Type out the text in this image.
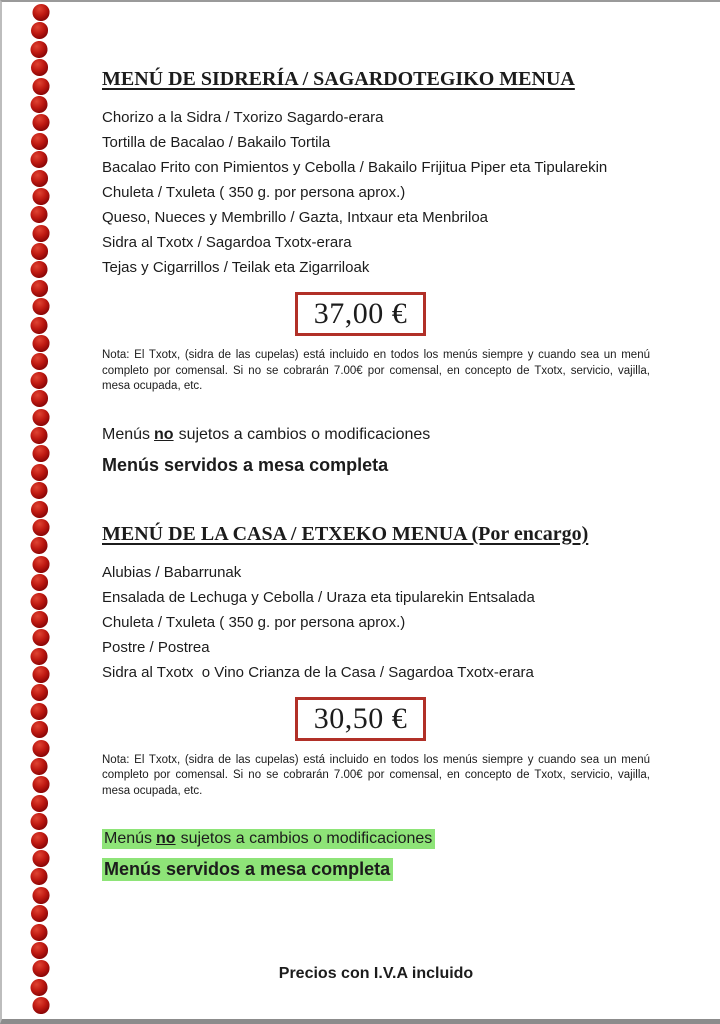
MENÚ DE SIDRERÍA / SAGARDOTEGIKO MENUA
Chorizo a la Sidra / Txorizo Sagardo-erara
Tortilla de Bacalao / Bakailo Tortila
Bacalao Frito con Pimientos y Cebolla / Bakailo Frijitua Piper eta Tipularekin
Chuleta / Txuleta ( 350 g. por persona aprox.)
Queso, Nueces y Membrillo / Gazta, Intxaur eta Menbriloa
Sidra al Txotx / Sagardoa Txotx-erara
Tejas y Cigarrillos / Teilak eta Zigarriloak
37,00 €

Nota: El Txotx, (sidra de las cupelas) está incluido en todos los menús siempre y cuando sea un menú completo por comensal. Si no se cobrarán 7.00€ por comensal, en concepto de Txotx, servicio, vajilla, mesa ocupada, etc.

Menús no sujetos a cambios o modificaciones

Menús servidos a mesa completa

MENÚ DE LA CASA / ETXEKO MENUA (Por encargo)
Alubias / Babarrunak
Ensalada de Lechuga y Cebolla / Uraza eta tipularekin Entsalada
Chuleta / Txuleta ( 350 g. por persona aprox.)
Postre / Postrea
Sidra al Txotx  o Vino Crianza de la Casa / Sagardoa Txotx-erara
30,50 €

Nota: El Txotx, (sidra de las cupelas) está incluido en todos los menús siempre y cuando sea un menú completo por comensal. Si no se cobrarán 7.00€ por comensal, en concepto de Txotx, servicio, vajilla, mesa ocupada, etc.

Menús no sujetos a cambios o modificaciones

Menús servidos a mesa completa

Precios con I.V.A incluido
